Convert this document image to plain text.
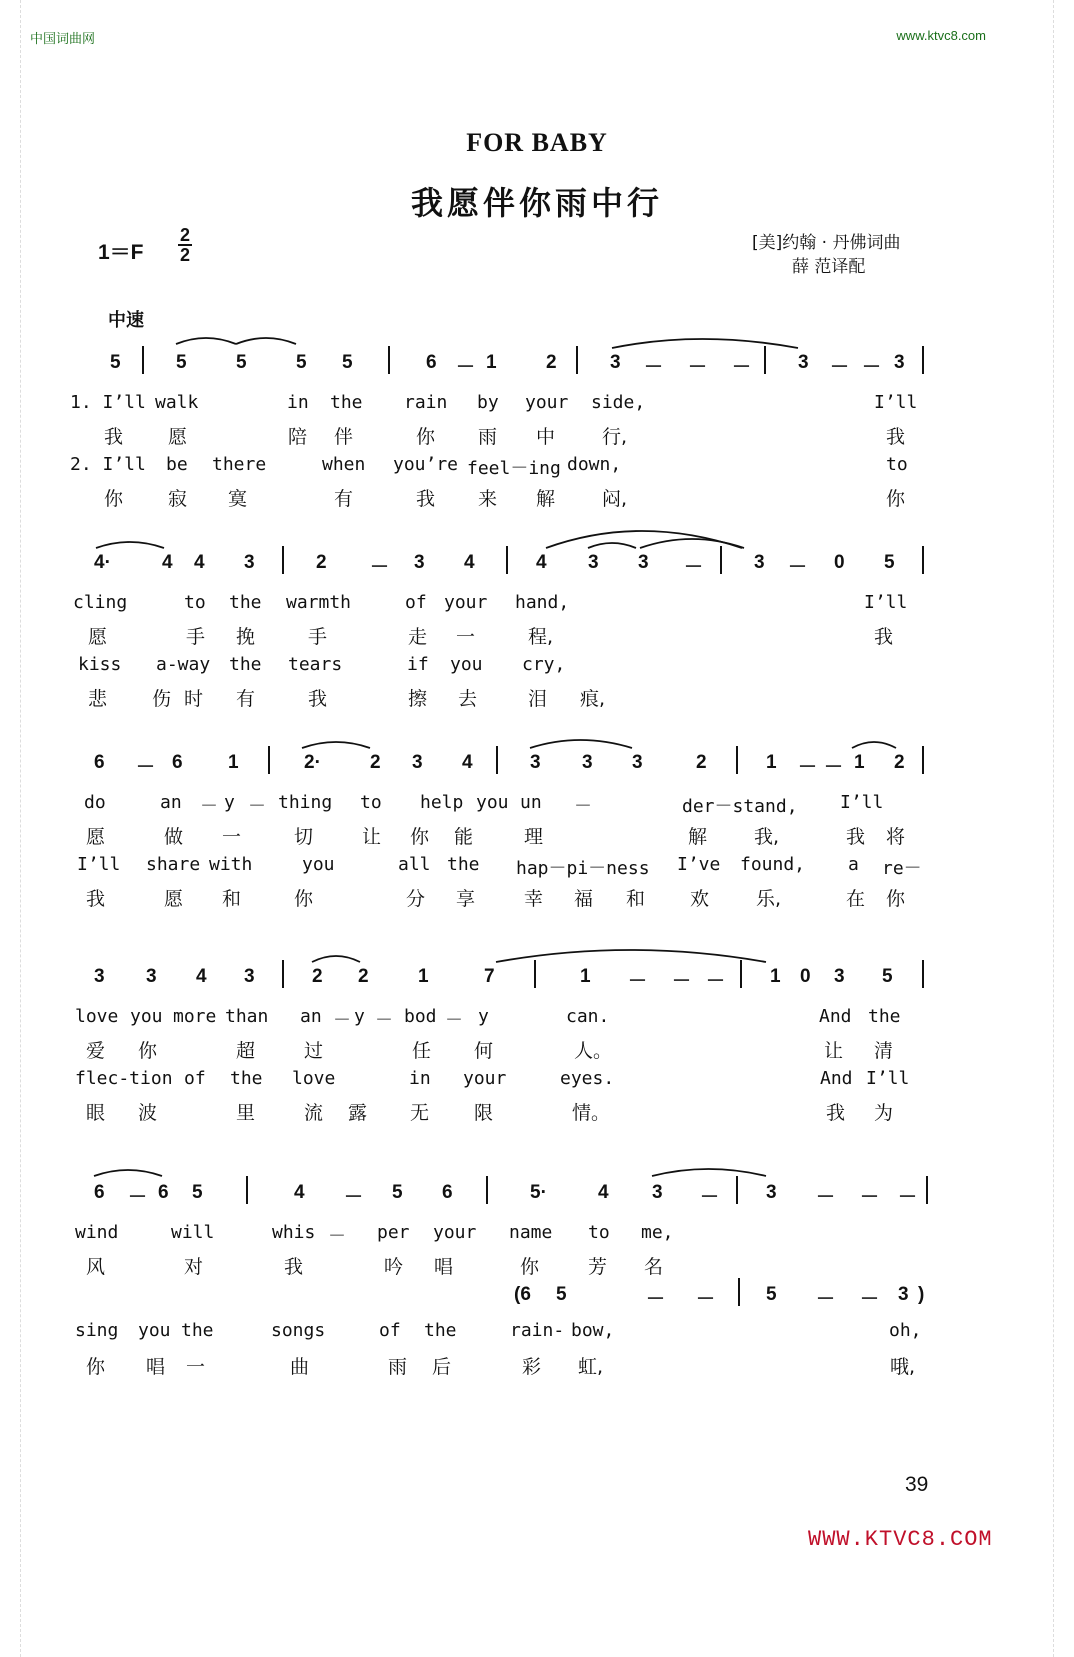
中国词曲网	www.ktvc8.com
FOR BABY
我愿伴你雨中行
1＝F
2
2
[美]约翰 · 丹佛词曲
薛 范译配
中速
5	5	5	5 5	6 － 1	2	3 － － － 3 － － 3
1. I’ll walk	in the rain by your side,	I’ll
我 愿	陪 伴	你 雨 中 行,	我
2. I’ll be there	when you’re feel－ing down,	to
你 寂 寞	有	我 来 解 闷,	你
4·	4 4 3	2 － 3 4	4 3 3 －	3 － 0 5
cling	to the warmth	of your hand,	I’ll
愿	手 挽	手	走 一	程,	我
kiss a-way the tears	if you cry,
悲 伤 时 有	我	擦 去	泪 痕,
6 － 6 1	2·	2 3 4	3 3 3	2	1 － － 1 2
do	an － y － thing to help you un －	der－stand, I’ll
愿	做 一	切	让 你 能	理	解 我,	我 将
I’ll share with	you	all the hap－pi－ness I’ve found, a re－
我	愿 和	你	分 享	幸 福 和 欢 乐,	在 你
3 3 4 3	2 2	1	7	1 － － － 1 0 3 5
love you more than an － y － bod － y	can.	And the
爱 你	超	过	任 何	人。	让 清
flec-tion of the love	in your	eyes.	And I’ll
眼 波	里	流 露 无 限	情。	我 为
6 － 6 5	4 － 5 6	5·	4 3 － 3 － － －
wind	will	whis － per your name to me,
风	对	我	吟 唱	你	芳 名
(6 5	－ －	5 － － 3 )
sing you the	songs	of the	rain- bow,	oh,
你 唱 一	曲	雨 后	彩 虹,	哦,
39
WWW.KTVC8.COM
